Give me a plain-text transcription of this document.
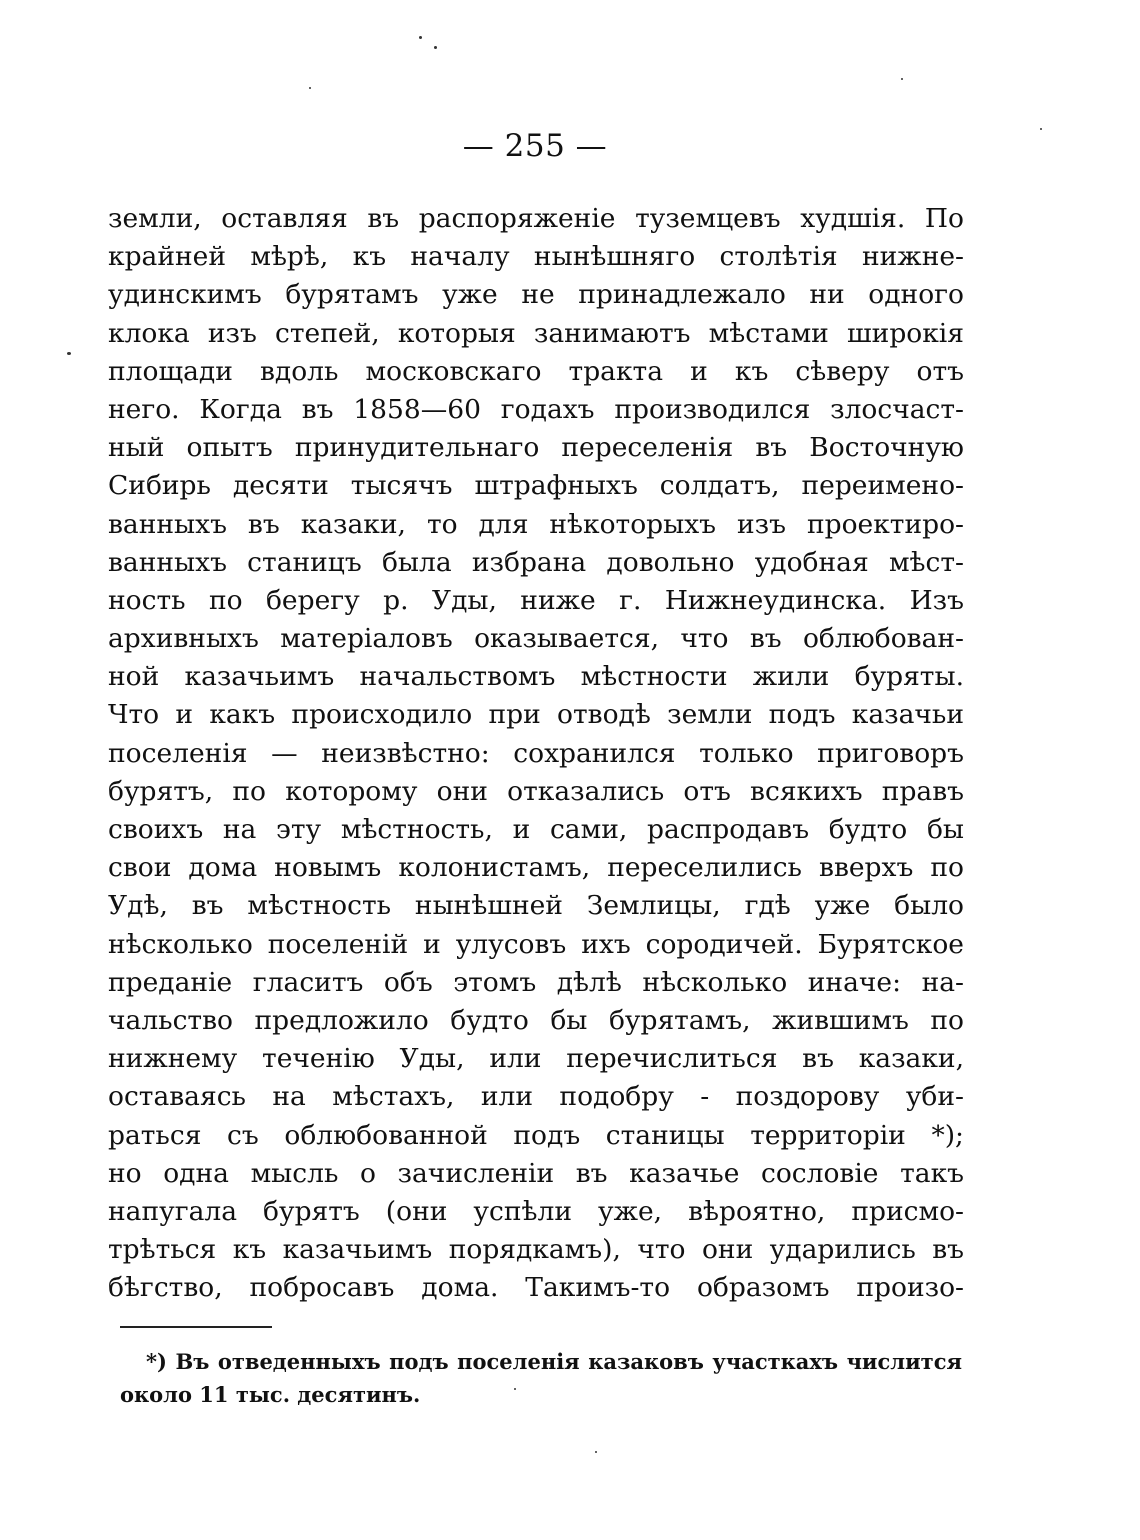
— 255 —
земли, оставляя въ распоряженіе туземцевъ худшія. По
крайней мѣрѣ, къ началу нынѣшняго столѣтія нижне-
удинскимъ бурятамъ уже не принадлежало ни одного
клока изъ степей, которыя занимаютъ мѣстами широкія
площади вдоль московскаго тракта и къ сѣверу отъ
него. Когда въ 1858—60 годахъ производился злосчаст-
ный опытъ принудительнаго переселенія въ Восточную
Сибирь десяти тысячъ штрафныхъ солдатъ, переимено-
ванныхъ въ казаки, то для нѣкоторыхъ изъ проектиро-
ванныхъ станицъ была избрана довольно удобная мѣст-
ность по берегу р. Уды, ниже г. Нижнеудинска. Изъ
архивныхъ матеріаловъ оказывается, что въ облюбован-
ной казачьимъ начальствомъ мѣстности жили буряты.
Что и какъ происходило при отводѣ земли подъ казачьи
поселенія — неизвѣстно: сохранился только приговоръ
бурятъ, по которому они отказались отъ всякихъ правъ
своихъ на эту мѣстность, и сами, распродавъ будто бы
свои дома новымъ колонистамъ, переселились вверхъ по
Удѣ, въ мѣстность нынѣшней Землицы, гдѣ уже было
нѣсколько поселеній и улусовъ ихъ сородичей. Бурятское
преданіе гласитъ объ этомъ дѣлѣ нѣсколько иначе: на-
чальство предложило будто бы бурятамъ, жившимъ по
нижнему теченію Уды, или перечислиться въ казаки,
оставаясь на мѣстахъ, или подобру - поздорову уби-
раться съ облюбованной подъ станицы территоріи *);
но одна мысль о зачисленіи въ казачье сословіе такъ
напугала бурятъ (они успѣли уже, вѣроятно, присмо-
трѣться къ казачьимъ порядкамъ), что они ударились въ
бѣгство, побросавъ дома. Такимъ-то образомъ произо-
*) Въ отведенныхъ подъ поселенія казаковъ участкахъ числится
около 11 тыс. десятинъ.
